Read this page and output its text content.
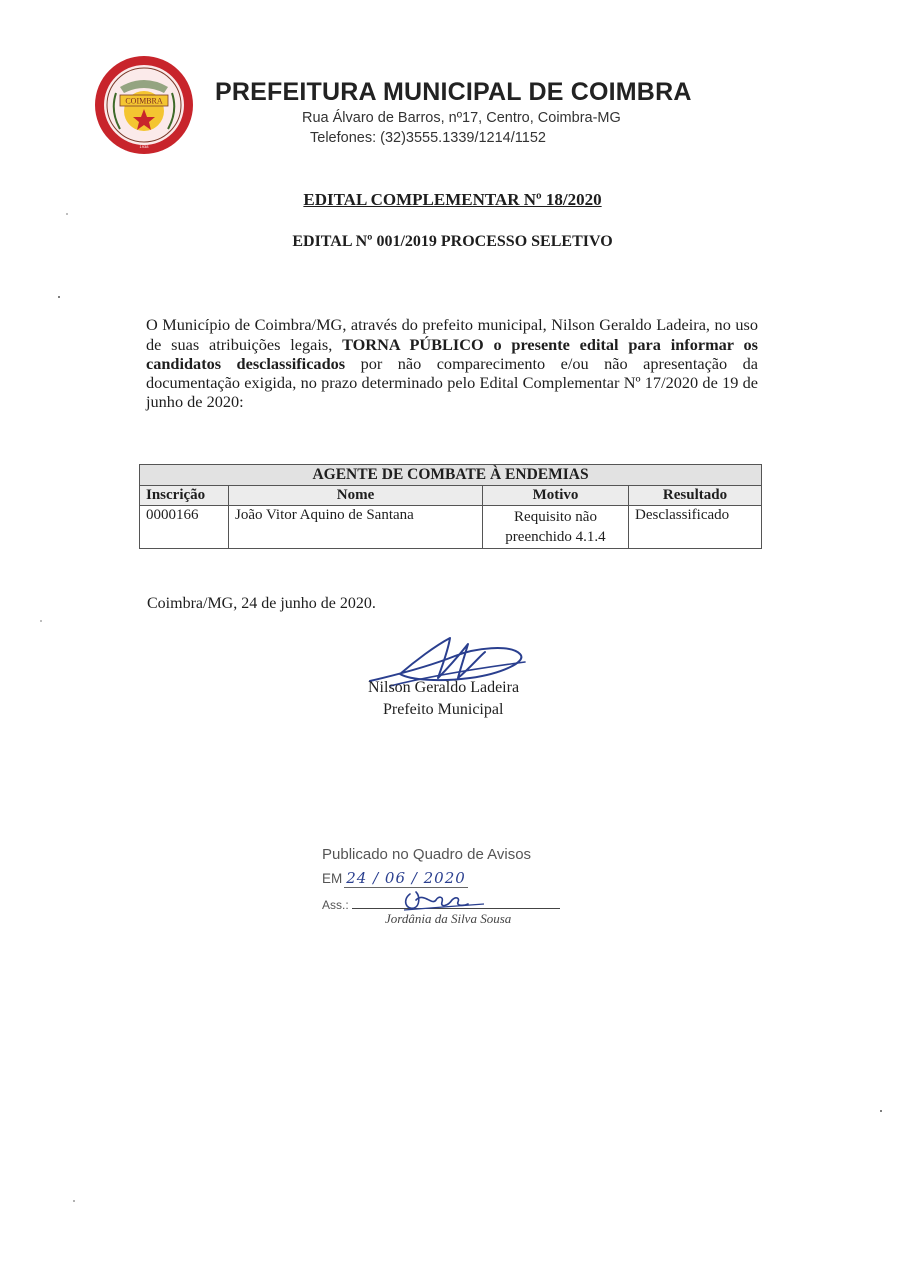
COIMBRA
1938
PREFEITURA MUNICIPAL DE COIMBRA
Rua Álvaro de Barros, nº17, Centro, Coimbra-MG
Telefones: (32)3555.1339/1214/1152
EDITAL COMPLEMENTAR Nº 18/2020
EDITAL Nº 001/2019 PROCESSO SELETIVO

O Município de Coimbra/MG, através do prefeito municipal, Nilson Geraldo Ladeira, no uso de suas atribuições legais, TORNA PÚBLICO o presente edital para informar os candidatos desclassificados por não comparecimento e/ou não apresentação da documentação exigida, no prazo determinado pelo Edital Complementar Nº 17/2020 de 19 de junho de 2020:

AGENTE DE COMBATE À ENDEMIAS			
Inscrição	Nome	Motivo	Resultado
0000166	João Vitor Aquino de Santana	Requisito não preenchido 4.1.4	Desclassificado
Coimbra/MG, 24 de junho de 2020.
Nilson Geraldo Ladeira
Prefeito Municipal
Publicado no Quadro de Avisos
EM 24 / 06 / 2020
Ass.:
Jordânia da Silva Sousa
